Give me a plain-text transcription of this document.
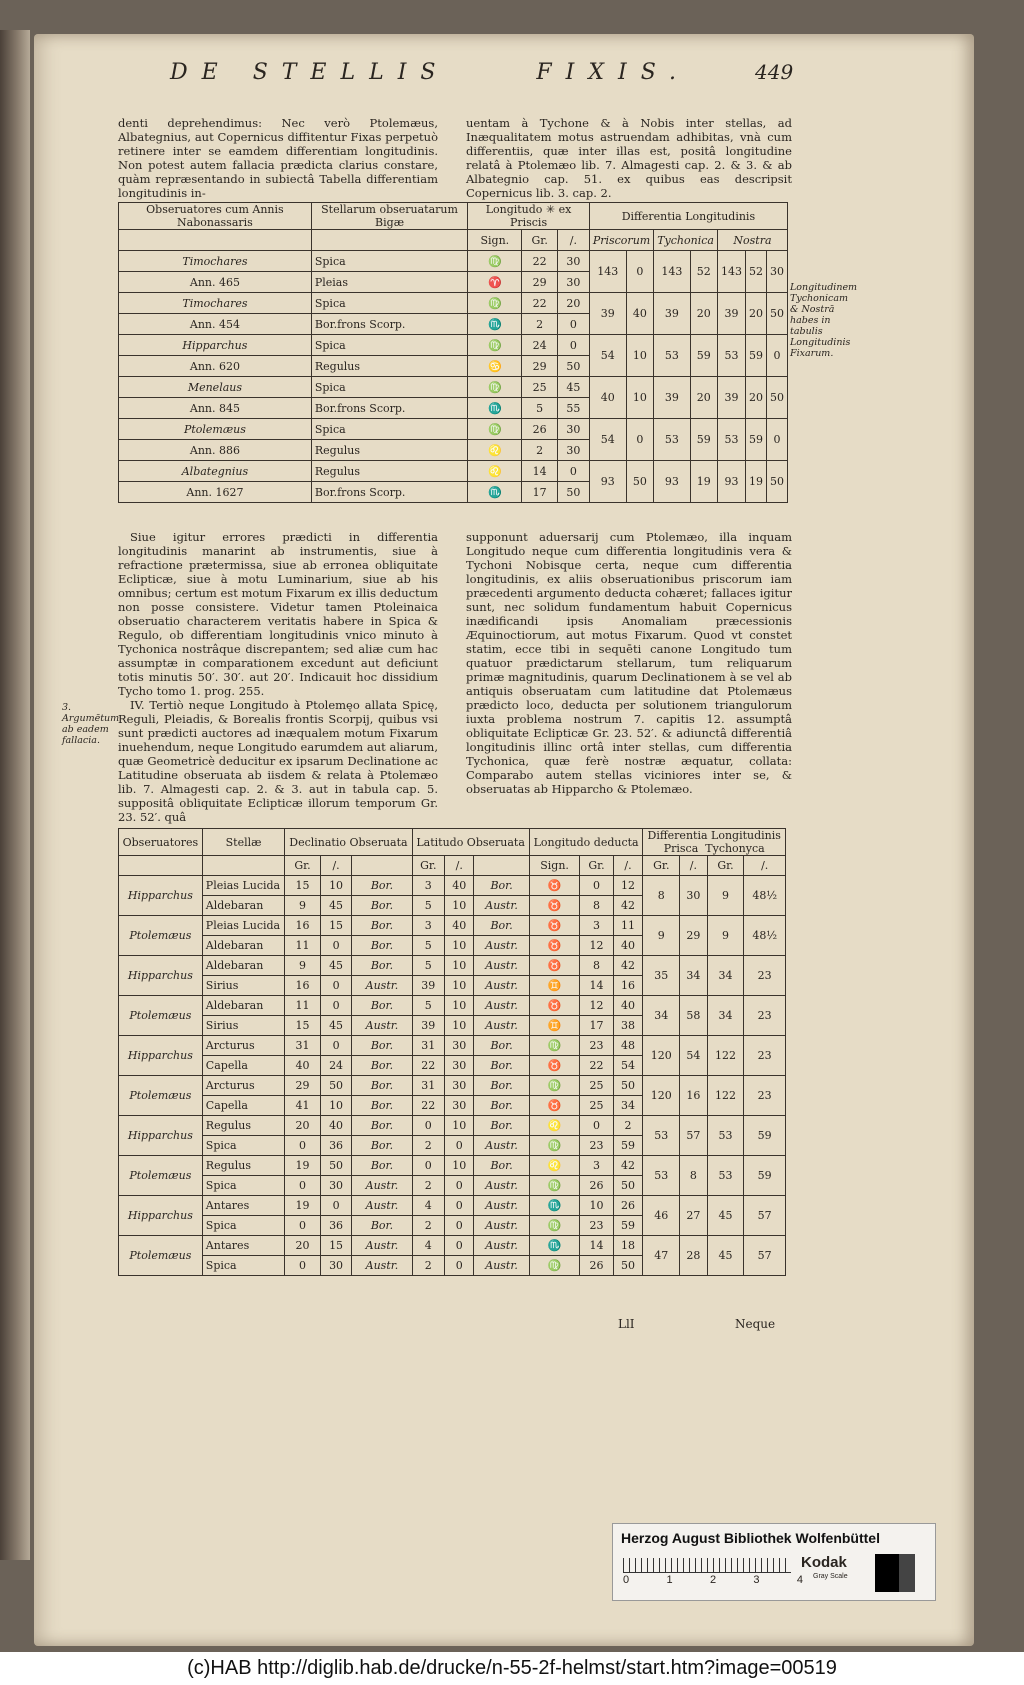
DE STELLIS	FIXIS.	449

denti deprehendimus: Nec verò Ptolemæus, Albategnius, aut Copernicus diffitentur Fixas perpetuò retinere inter se eamdem differentiam longitudinis. Non potest autem fallacia prædicta clarius constare, quàm repræsentando in subiectâ Tabella differentiam longitudinis in-

uentam à Tychone & à Nobis inter stellas, ad Inæqualitatem motus astruendam adhibitas, vnà cum differentiis, quæ inter illas est, positâ longitudine relatâ à Ptolemæo lib. 7. Almagesti cap. 2. & 3. & ab Albategnio cap. 51. ex quibus eas descripsit Copernicus lib. 3. cap. 2.

Obseruatores cum Annis Nabonassaris	Stellarum obseruatarum Bigæ	Longitudo ✳ ex Priscis			Differentia Longitudinis						

		Sign.	Gr.	/.	Priscorum		Tychonica		Nostra		
Timochares	Spica	♍	22	30	143	0	143	52	143	52	30
Ann. 465	Pleias	♈	29	30							
Timochares	Spica	♍	22	20	39	40	39	20	39	20	50
Ann. 454	Bor.frons Scorp.	♏	2	0							
Hipparchus	Spica	♍	24	0	54	10	53	59	53	59	0
Ann. 620	Regulus	♋	29	50							
Menelaus	Spica	♍	25	45	40	10	39	20	39	20	50
Ann. 845	Bor.frons Scorp.	♏	5	55							
Ptolemæus	Spica	♍	26	30	54	0	53	59	53	59	0
Ann. 886	Regulus	♌	2	30							
Albategnius	Regulus	♌	14	0	93	50	93	19	93	19	50
Ann. 1627	Bor.frons Scorp.	♏	17	50							
Longitudinem Tychonicam & Nostrā habes in tabulis Longitudinis Fixarum.

Siue igitur errores prædicti in differentia longitudinis manarint ab instrumentis, siue à refractione prætermissa, siue ab erronea obliquitate Eclipticæ, siue à motu Luminarium, siue ab his omnibus; certum est motum Fixarum ex illis deductum non posse consistere. Videtur tamen Ptoleinaica obseruatio characterem veritatis habere in Spica & Regulo, ob differentiam longitudinis vnico minuto à Tychonica nostrâque discrepantem; sed aliæ cum hac assumptæ in comparationem excedunt aut deficiunt totis minutis 50′. 30′. aut 20′. Indicauit hoc dissidium Tycho tomo 1. prog. 255.

IV. Tertiò neque Longitudo à Ptolemęo allata Spicę, Reguli, Pleiadis, & Borealis frontis Scorpij, quibus vsi sunt prædicti auctores ad inæqualem motum Fixarum inuehendum, neque Longitudo earumdem aut aliarum, quæ Geometricè deducitur ex ipsarum Declinatione ac Latitudine obseruata ab iisdem & relata à Ptolemæo lib. 7. Almagesti cap. 2. & 3. aut in tabula cap. 5. suppositâ obliquitate Eclipticæ illorum temporum Gr. 23. 52′. quâ

3. Argumētum ab eadem fallacia.

supponunt aduersarij cum Ptolemæo, illa inquam Longitudo neque cum differentia longitudinis vera & Tychoni Nobisque certa, neque cum differentia longitudinis, ex aliis obseruationibus priscorum iam præcedenti argumento deducta cohæret; fallaces igitur sunt, nec solidum fundamentum habuit Copernicus inædificandi ipsis Anomaliam præcessionis Æquinoctiorum, aut motus Fixarum. Quod vt constet statim, ecce tibi in sequēti canone Longitudo tum quatuor prædictarum stellarum, tum reliquarum primæ magnitudinis, quarum Declinationem à se vel ab antiquis obseruatam cum latitudine dat Ptolemæus prædicto loco, deducta per solutionem triangulorum iuxta problema nostrum 7. capitis 12. assumptâ obliquitate Eclipticæ Gr. 23. 52′. & adiunctâ differentiâ longitudinis illinc ortâ inter stellas, cum differentia Tychonica, quæ ferè nostræ æquatur, collata: Comparabo autem stellas viciniores inter se, & obseruatas ab Hipparcho & Ptolemæo.

Obseruatores	Stellæ	Declinatio Obseruata			Latitudo Obseruata			Longitudo deducta			Differentia Longitudinis
Prisca Tychonyca			
		Gr.	/.		Gr.	/.		Sign.	Gr.	/.	Gr.	/.	Gr.	/.
Hipparchus	Pleias Lucida	15	10	Bor.	3	40	Bor.	♉	0	12	8	30	9	48½
	Aldebaran	9	45	Bor.	5	10	Austr.	♉	8	42				
Ptolemæus	Pleias Lucida	16	15	Bor.	3	40	Bor.	♉	3	11	9	29	9	48½
	Aldebaran	11	0	Bor.	5	10	Austr.	♉	12	40				
Hipparchus	Aldebaran	9	45	Bor.	5	10	Austr.	♉	8	42	35	34	34	23
	Sirius	16	0	Austr.	39	10	Austr.	♊	14	16				
Ptolemæus	Aldebaran	11	0	Bor.	5	10	Austr.	♉	12	40	34	58	34	23
	Sirius	15	45	Austr.	39	10	Austr.	♊	17	38				
Hipparchus	Arcturus	31	0	Bor.	31	30	Bor.	♍	23	48	120	54	122	23
	Capella	40	24	Bor.	22	30	Bor.	♉	22	54				
Ptolemæus	Arcturus	29	50	Bor.	31	30	Bor.	♍	25	50	120	16	122	23
	Capella	41	10	Bor.	22	30	Bor.	♉	25	34				
Hipparchus	Regulus	20	40	Bor.	0	10	Bor.	♌	0	2	53	57	53	59
	Spica	0	36	Bor.	2	0	Austr.	♍	23	59				
Ptolemæus	Regulus	19	50	Bor.	0	10	Bor.	♌	3	42	53	8	53	59
	Spica	0	30	Austr.	2	0	Austr.	♍	26	50				
Hipparchus	Antares	19	0	Austr.	4	0	Austr.	♏	10	26	46	27	45	57
	Spica	0	36	Bor.	2	0	Austr.	♍	23	59				
Ptolemæus	Antares	20	15	Austr.	4	0	Austr.	♏	14	18	47	28	45	57
	Spica	0	30	Austr.	2	0	Austr.	♍	26	50				
LlI	Neque
Herzog August Bibliothek Wolfenbüttel
0	1	2	3	4
Kodak
Gray Scale
(c)HAB http://diglib.hab.de/drucke/n-55-2f-helmst/start.htm?image=00519
